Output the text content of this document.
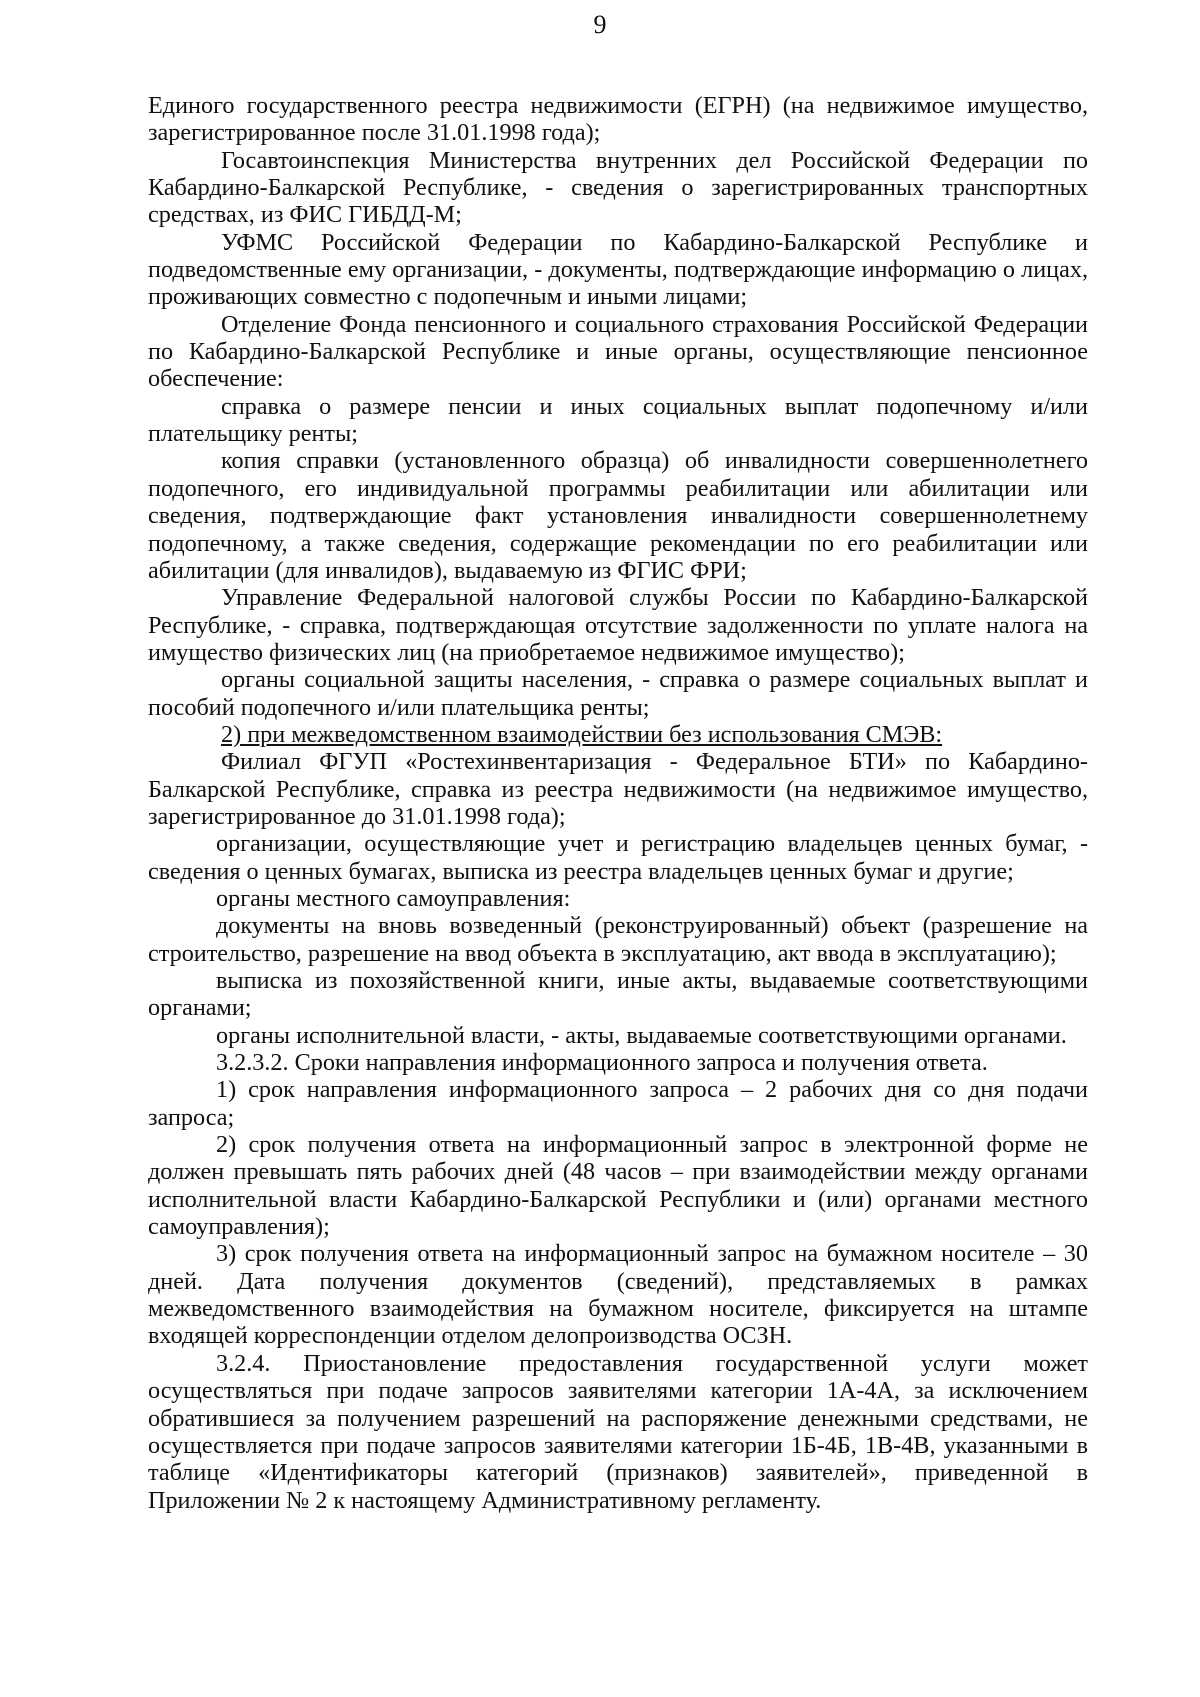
9

Единого государственного реестра недвижимости (ЕГРН) (на недвижимое имущество, зарегистрированное после 31.01.1998 года);

Госавтоинспекция Министерства внутренних дел Российской Федерации по Кабардино-Балкарской Республике, - сведения о зарегистрированных транспортных средствах, из ФИС ГИБДД-М;

УФМС Российской Федерации по Кабардино-Балкарской Республике и подведомственные ему организации, - документы, подтверждающие информацию о лицах, проживающих совместно с подопечным и иными лицами;

Отделение Фонда пенсионного и социального страхования Российской Федерации по Кабардино-Балкарской Республике и иные органы, осуществляющие пенсионное обеспечение:

справка о размере пенсии и иных социальных выплат подопечному и/или плательщику ренты;

копия справки (установленного образца) об инвалидности совершеннолетнего подопечного, его индивидуальной программы реабилитации или абилитации или сведения, подтверждающие факт установления инвалидности совершеннолетнему подопечному, а также сведения, содержащие рекомендации по его реабилитации или абилитации (для инвалидов), выдаваемую из ФГИС ФРИ;

Управление Федеральной налоговой службы России по Кабардино-Балкарской Республике, - справка, подтверждающая отсутствие задолженности по уплате налога на имущество физических лиц (на приобретаемое недвижимое имущество);

органы социальной защиты населения, - справка о размере социальных выплат и пособий подопечного и/или плательщика ренты;

2) при межведомственном взаимодействии без использования СМЭВ:

Филиал ФГУП «Ростехинвентаризация - Федеральное БТИ» по Кабардино-Балкарской Республике, справка из реестра недвижимости (на недвижимое имущество, зарегистрированное до 31.01.1998 года);

организации, осуществляющие учет и регистрацию владельцев ценных бумаг, - сведения о ценных бумагах, выписка из реестра владельцев ценных бумаг и другие;

органы местного самоуправления:

документы на вновь возведенный (реконструированный) объект (разрешение на строительство, разрешение на ввод объекта в эксплуатацию, акт ввода в эксплуатацию);

выписка из похозяйственной книги, иные акты, выдаваемые соответствующими органами;

органы исполнительной власти, - акты, выдаваемые соответствующими органами.

3.2.3.2. Сроки направления информационного запроса и получения ответа.

1) срок направления информационного запроса – 2 рабочих дня со дня подачи запроса;

2) срок получения ответа на информационный запрос в электронной форме не должен превышать пять рабочих дней (48 часов – при взаимодействии между органами исполнительной власти Кабардино-Балкарской Республики и (или) органами местного самоуправления);

3) срок получения ответа на информационный запрос на бумажном носителе – 30 дней. Дата получения документов (сведений), представляемых в рамках межведомственного взаимодействия на бумажном носителе, фиксируется на штампе входящей корреспонденции отделом делопроизводства ОСЗН.

3.2.4. Приостановление предоставления государственной услуги может осуществляться при подаче запросов заявителями категории 1А-4А, за исключением обратившиеся за получением разрешений на распоряжение денежными средствами, не осуществляется при подаче запросов заявителями категории 1Б-4Б, 1В-4В, указанными в таблице «Идентификаторы категорий (признаков) заявителей», приведенной в Приложении № 2 к настоящему Административному регламенту.
